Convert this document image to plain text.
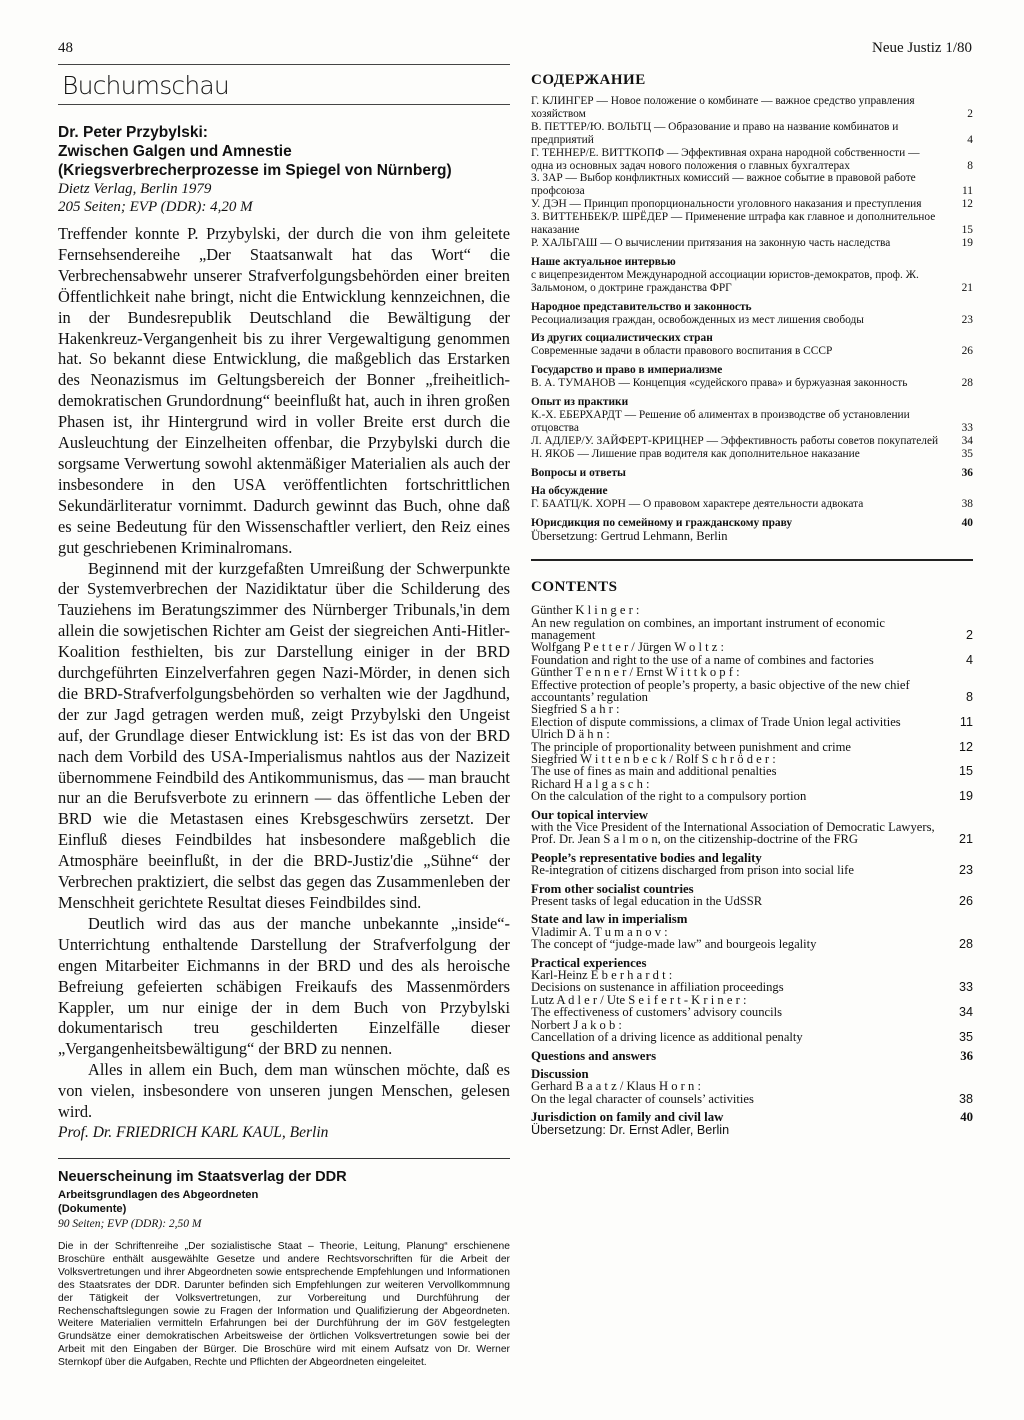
48	Neue Justiz 1/80
Buchumschau
Dr. Peter Przybylski:
Zwischen Galgen und Amnestie
(Kriegsverbrecherprozesse im Spiegel von Nürnberg)
Dietz Verlag, Berlin 1979
205 Seiten; EVP (DDR): 4,20 M

Treffender konnte P. Przybylski, der durch die von ihm geleitete Fernsehsendereihe „Der Staatsanwalt hat das Wort“ die Verbrechensabwehr unserer Strafverfolgungsbehörden einer breiten Öffentlichkeit nahe bringt, nicht die Entwicklung kennzeichnen, die in der Bundesrepublik Deutschland die Bewältigung der Hakenkreuz-Vergangenheit bis zu ihrer Vergewaltigung genommen hat. So bekannt diese Entwicklung, die maßgeblich das Erstarken des Neonazismus im Geltungsbereich der Bonner „freiheitlich-demokratischen Grundordnung“ beeinflußt hat, auch in ihren großen Phasen ist, ihr Hintergrund wird in voller Breite erst durch die Ausleuchtung der Einzelheiten offenbar, die Przybylski durch die sorgsame Verwertung sowohl aktenmäßiger Materialien als auch der insbesondere in den USA veröffentlichten fortschrittlichen Sekundärliteratur vornimmt. Dadurch gewinnt das Buch, ohne daß es seine Bedeutung für den Wissenschaftler verliert, den Reiz eines gut geschriebenen Kriminalromans.

Beginnend mit der kurzgefaßten Umreißung der Schwerpunkte der Systemverbrechen der Nazidiktatur über die Schilderung des Tauziehens im Beratungszimmer des Nürnberger Tribunals,'in dem allein die sowjetischen Richter am Geist der siegreichen Anti-Hitler-Koalition festhielten, bis zur Darstellung einiger in der BRD durchgeführten Einzelverfahren gegen Nazi-Mörder, in denen sich die BRD-Strafverfolgungsbehörden so verhalten wie der Jagdhund, der zur Jagd getragen werden muß, zeigt Przybylski den Ungeist auf, der Grundlage dieser Entwicklung ist: Es ist das von der BRD nach dem Vorbild des USA-Imperialismus nahtlos aus der Nazizeit übernommene Feindbild des Antikommunismus, das — man braucht nur an die Berufsverbote zu erinnern — das öffentliche Leben der BRD wie die Metastasen eines Krebsgeschwürs zersetzt. Der Einfluß dieses Feindbildes hat insbesondere maßgeblich die Atmosphäre beeinflußt, in der die BRD-Justiz'die „Sühne“ der Verbrechen praktiziert, die selbst das gegen das Zusammenleben der Menschheit gerichtete Resultat dieses Feindbildes sind.

Deutlich wird das aus der manche unbekannte „inside“-Unterrichtung enthaltende Darstellung der Strafverfolgung der engen Mitarbeiter Eichmanns in der BRD und des als heroische Befreiung gefeierten schäbigen Freikaufs des Massenmörders Kappler, um nur einige der in dem Buch von Przybylski dokumentarisch treu geschilderten Einzelfälle dieser „Vergangenheitsbewältigung“ der BRD zu nennen.

Alles in allem ein Buch, dem man wünschen möchte, daß es von vielen, insbesondere von unseren jungen Menschen, gelesen wird.

Prof. Dr. FRIEDRICH KARL KAUL, Berlin
Neuerscheinung im Staatsverlag der DDR
Arbeitsgrundlagen des Abgeordneten
(Dokumente)
90 Seiten; EVP (DDR): 2,50 M
Die in der Schriftenreihe „Der sozialistische Staat – Theorie, Leitung, Planung“ erschienene Broschüre enthält ausgewählte Gesetze und andere Rechtsvorschriften für die Arbeit der Volksvertretungen und ihrer Abgeordneten sowie entsprechende Empfehlungen und Informationen des Staatsrates der DDR. Darunter befinden sich Empfehlungen zur weiteren Vervollkommnung der Tätigkeit der Volksvertretungen, zur Vorbereitung und Durchführung der Rechenschaftslegungen sowie zu Fragen der Information und Qualifizierung der Abgeordneten. Weitere Materialien vermitteln Erfahrungen bei der Durchführung der im GöV festgelegten Grundsätze einer demokratischen Arbeitsweise der örtlichen Volksvertretungen sowie bei der Arbeit mit den Eingaben der Bürger. Die Broschüre wird mit einem Aufsatz von Dr. Werner Sternkopf über die Aufgaben, Rechte und Pflichten der Abgeordneten eingeleitet.
СОДЕРЖАНИЕ
Г. КЛИНГЕР — Новое положение о комбинате — важное средство управления хозяйством	2
В. ПЕТТЕР/Ю. ВОЛЬТЦ — Образование и право на название комбинатов и предприятий	4
Г. ТЕННЕР/Е. ВИТТКОПФ — Эффективная охрана народной собственности — одна из основных задач нового положения о главных бухгалтерах	8
З. ЗАР — Выбор конфликтных комиссий — важное событие в правовой работе профсоюза	11
У. ДЭН — Принцип пропорциональности уголовного наказания и преступления	12
З. ВИТТЕНБЕК/Р. ШРЁДЕР — Применение штрафа как главное и дополнительное наказание	15
Р. ХАЛЬГАШ — О вычислении притязания на законную часть наследства	19
Наше актуальное интервью
с вицепрезидентом Международной ассоциации юристов-демократов, проф. Ж. Зальмоном, о доктрине гражданства ФРГ	21
Народное представительство и законность
Ресоциализация граждан, освобожденных из мест лишения свободы	23
Из других социалистических стран
Современные задачи в области правового воспитания в СССР	26
Государство и право в империализме
В. А. ТУМАНОВ — Концепция «судейского права» и буржуазная законность	28
Опыт из практики
К.-Х. ЕБЕРХАРДТ — Решение об алиментах в производстве об установлении отцовства	33
Л. АДЛЕР/У. ЗАЙФЕРТ-КРИЦНЕР — Эффективность работы советов покупателей	34
Н. ЯКОБ — Лишение прав водителя как дополнительное наказание	35
Вопросы и ответы	36
На обсуждение
Г. БААТЦ/К. ХОРН — О правовом характере деятельности адвоката	38
Юрисдикция по семейному и гражданскому праву	40
Übersetzung: Gertrud Lehmann, Berlin
CONTENTS
Günther K l i n g e r :
An new regulation on combines, an important instrument of economic management	2
Wolfgang P e t t e r / Jürgen W o l t z :
Foundation and right to the use of a name of combines and factories	4
Günther T e n n e r / Ernst W i t t k o p f :
Effective protection of people’s property, a basic objective of the new chief accountants’ regulation	8
Siegfried S a h r :
Election of dispute commissions, a climax of Trade Union legal activities	11
Ulrich D ä h n :
The principle of proportionality between punishment and crime	12
Siegfried W i t t e n b e c k / Rolf S c h r ö d e r :
The use of fines as main and additional penalties	15
Richard H a l g a s c h :
On the calculation of the right to a compulsory portion	19
Our topical interview
with the Vice President of the International Association of Democratic Lawyers, Prof. Dr. Jean S a l m o n, on the citizenship-doctrine of the FRG	21
People’s representative bodies and legality
Re-integration of citizens discharged from prison into social life	23
From other socialist countries
Present tasks of legal education in the UdSSR	26
State and law in imperialism
Vladimir A. T u m a n o v :
The concept of “judge-made law” and bourgeois legality	28
Practical experiences
Karl-Heinz E b e r h a r d t :
Decisions on sustenance in affiliation proceedings	33
Lutz A d l e r / Ute S e i f e r t - K r i n e r :
The effectiveness of customers’ advisory councils	34
Norbert J a k o b :
Cancellation of a driving licence as additional penalty	35
Questions and answers	36
Discussion
Gerhard B a a t z / Klaus H o r n :
On the legal character of counsels’ activities	38
Jurisdiction on family and civil law	40
Übersetzung: Dr. Ernst Adler, Berlin
